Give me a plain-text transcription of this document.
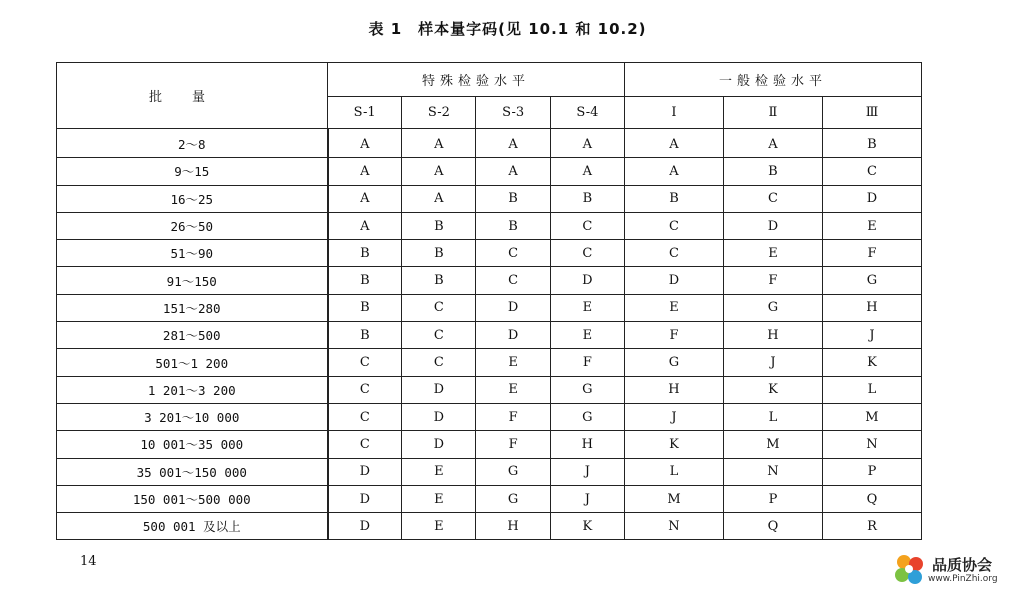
表 1　样本量字码(见 10.1 和 10.2)
批量	特殊检验水平				一般检验水平		
	S-1	S-2	S-3	S-4	Ⅰ	Ⅱ	Ⅲ
2～8	A	A	A	A	A	A	B
9～15	A	A	A	A	A	B	C
16～25	A	A	B	B	B	C	D
26～50	A	B	B	C	C	D	E
51～90	B	B	C	C	C	E	F
91～150	B	B	C	D	D	F	G
151～280	B	C	D	E	E	G	H
281～500	B	C	D	E	F	H	J
501～1 200	C	C	E	F	G	J	K
1 201～3 200	C	D	E	G	H	K	L
3 201～10 000	C	D	F	G	J	L	M
10 001～35 000	C	D	F	H	K	M	N
35 001～150 000	D	E	G	J	L	N	P
150 001～500 000	D	E	G	J	M	P	Q
500 001 及以上	D	E	H	K	N	Q	R
14	品质协会
www.PinZhi.org
